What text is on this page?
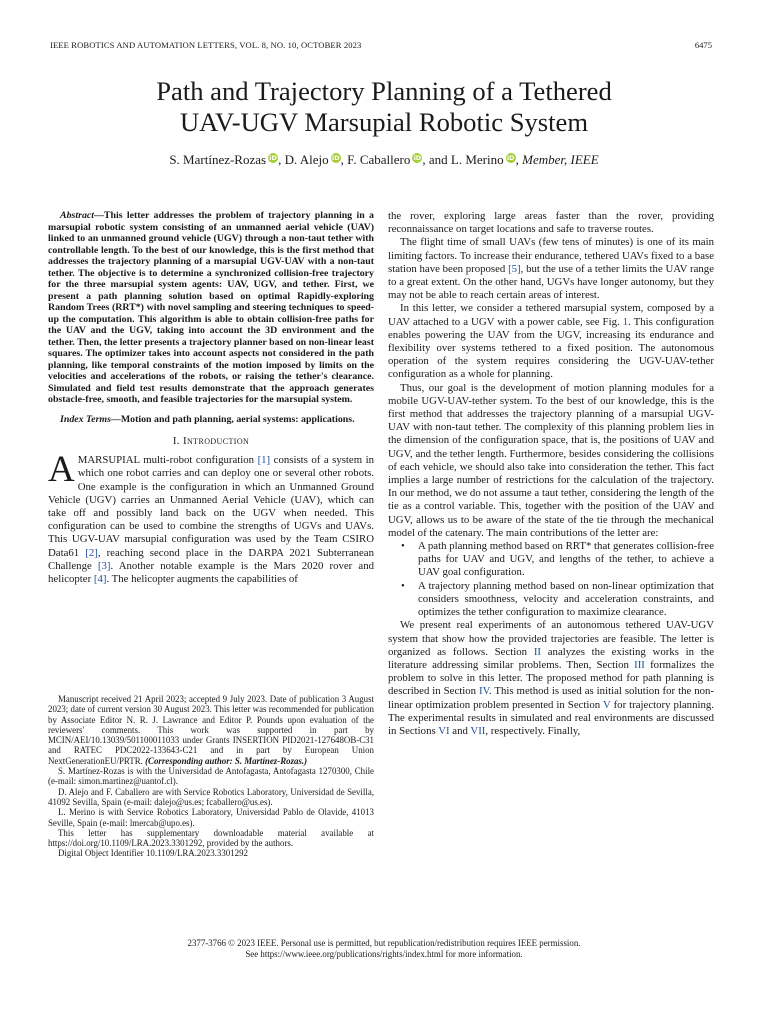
IEEE ROBOTICS AND AUTOMATION LETTERS, VOL. 8, NO. 10, OCTOBER 2023	6475
Path and Trajectory Planning of a Tethered
UAV-UGV Marsupial Robotic System
S. Martínez-Rozas iD, D. Alejo iD, F. Caballero iD, and L. Merino iD, Member, IEEE

Abstract—This letter addresses the problem of trajectory planning in a marsupial robotic system consisting of an unmanned aerial vehicle (UAV) linked to an unmanned ground vehicle (UGV) through a non-taut tether with controllable length. To the best of our knowledge, this is the first method that addresses the trajectory planning of a marsupial UGV-UAV with a non-taut tether. The objective is to determine a synchronized collision-free trajectory for the three marsupial system agents: UAV, UGV, and tether. First, we present a path planning solution based on optimal Rapidly-exploring Random Trees (RRT*) with novel sampling and steering techniques to speed-up the computation. This algorithm is able to obtain collision-free paths for the UAV and the UGV, taking into account the 3D environment and the tether. Then, the letter presents a trajectory planner based on non-linear least squares. The optimizer takes into account aspects not considered in the path planning, like temporal constraints of the motion imposed by limits on the velocities and accelerations of the robots, or raising the tether's clearance. Simulated and field test results demonstrate that the approach generates obstacle-free, smooth, and feasible trajectories for the marsupial system.

Index Terms—Motion and path planning, aerial systems: applications.

I. Introduction

AMARSUPIAL multi-robot configuration [1] consists of a system in which one robot carries and can deploy one or several other robots. One example is the configuration in which an Unmanned Ground Vehicle (UGV) carries an Unmanned Aerial Vehicle (UAV), which can take off and possibly land back on the UGV when needed. This configuration can be used to combine the strengths of UGVs and UAVs. This UGV-UAV marsupial configuration was used by the Team CSIRO Data61 [2], reaching second place in the DARPA 2021 Subterranean Challenge [3]. Another notable example is the Mars 2020 rover and helicopter [4]. The helicopter augments the capabilities of

Manuscript received 21 April 2023; accepted 9 July 2023. Date of publication 3 August 2023; date of current version 30 August 2023. This letter was recommended for publication by Associate Editor N. R. J. Lawrance and Editor P. Pounds upon evaluation of the reviewers' comments. This work was supported in part by MCIN/AEI/10.13039/501100011033 under Grants INSERTION PID2021-127648OB-C31 and RATEC PDC2022-133643-C21 and in part by European Union NextGenerationEU/PRTR. (Corresponding author: S. Martínez-Rozas.)

S. Martínez-Rozas is with the Universidad de Antofagasta, Antofagasta 1270300, Chile (e-mail: simon.martinez@uantof.cl).

D. Alejo and F. Caballero are with Service Robotics Laboratory, Universidad de Sevilla, 41092 Sevilla, Spain (e-mail: dalejo@us.es; fcaballero@us.es).

L. Merino is with Service Robotics Laboratory, Universidad Pablo de Olavide, 41013 Seville, Spain (e-mail: lmercab@upo.es).

This letter has supplementary downloadable material available at https://doi.org/10.1109/LRA.2023.3301292, provided by the authors.

Digital Object Identifier 10.1109/LRA.2023.3301292

the rover, exploring large areas faster than the rover, providing reconnaissance on target locations and safe to traverse routes.

The flight time of small UAVs (few tens of minutes) is one of its main limiting factors. To increase their endurance, tethered UAVs fixed to a base station have been proposed [5], but the use of a tether limits the UAV range to a great extent. On the other hand, UGVs have longer autonomy, but they may not be able to reach certain areas of interest.

In this letter, we consider a tethered marsupial system, composed by a UAV attached to a UGV with a power cable, see Fig. 1. This configuration enables powering the UAV from the UGV, increasing its endurance and flexibility over systems tethered to a fixed position. The autonomous operation of the system requires considering the UGV-UAV-tether configuration as a whole for planning.

Thus, our goal is the development of motion planning modules for a mobile UGV-UAV-tether system. To the best of our knowledge, this is the first method that addresses the trajectory planning of a marsupial UGV-UAV with non-taut tether. The complexity of this planning problem lies in the dimension of the configuration space, that is, the positions of UAV and UGV, and the tether length. Furthermore, besides considering the collisions of each vehicle, we should also take into consideration the tether. This fact implies a large number of restrictions for the calculation of the trajectory. In our method, we do not assume a taut tether, considering the length of the tie as a control variable. This, together with the position of the UAV and UGV, allows us to be aware of the state of the tie through the mechanical model of the catenary. The main contributions of the letter are:

• A path planning method based on RRT* that generates collision-free paths for UAV and UGV, and lengths of the tether, to achieve a UAV goal configuration.
• A trajectory planning method based on non-linear optimization that considers smoothness, velocity and acceleration constraints, and optimizes the tether configuration to maximize clearance.

We present real experiments of an autonomous tethered UAV-UGV system that show how the provided trajectories are feasible. The letter is organized as follows. Section II analyzes the existing works in the literature addressing similar problems. Then, Section III formalizes the problem to solve in this letter. The proposed method for path planning is described in Section IV. This method is used as initial solution for the non-linear optimization problem presented in Section V for trajectory planning. The experimental results in simulated and real environments are discussed in Sections VI and VII, respectively. Finally,

2377-3766 © 2023 IEEE. Personal use is permitted, but republication/redistribution requires IEEE permission.
See https://www.ieee.org/publications/rights/index.html for more information.
